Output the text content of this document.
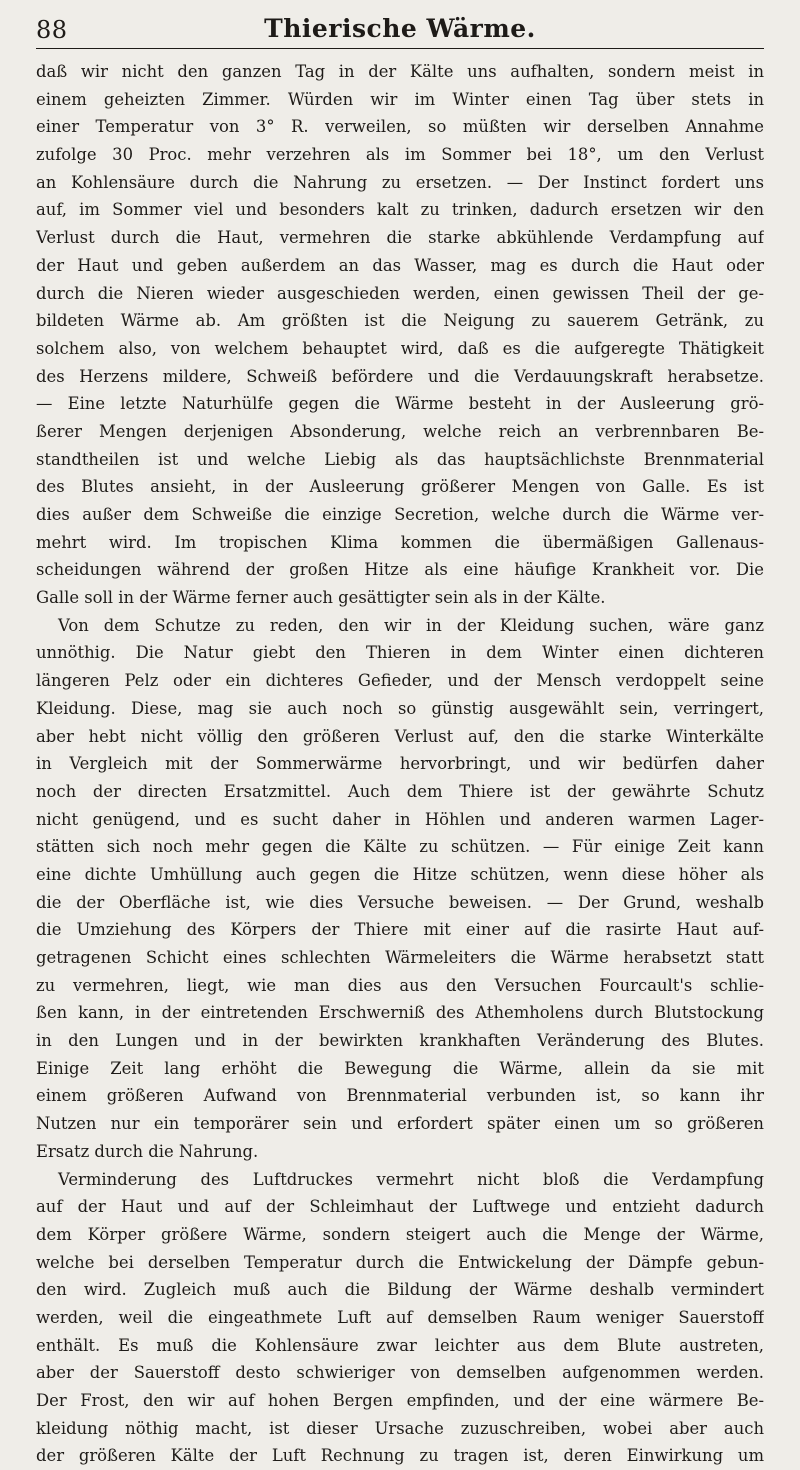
88	Thierische Wärme.
daß wir nicht den ganzen Tag in der Kälte uns aufhalten, sondern meist in
einem geheizten Zimmer. Würden wir im Winter einen Tag über stets in
einer Temperatur von 3° R. verweilen, so müßten wir derselben Annahme
zufolge 30 Proc. mehr verzehren als im Sommer bei 18°, um den Verlust
an Kohlensäure durch die Nahrung zu ersetzen. — Der Instinct fordert uns
auf, im Sommer viel und besonders kalt zu trinken, dadurch ersetzen wir den
Verlust durch die Haut, vermehren die starke abkühlende Verdampfung auf
der Haut und geben außerdem an das Wasser, mag es durch die Haut oder
durch die Nieren wieder ausgeschieden werden, einen gewissen Theil der ge-
bildeten Wärme ab. Am größten ist die Neigung zu sauerem Getränk, zu
solchem also, von welchem behauptet wird, daß es die aufgeregte Thätigkeit
des Herzens mildere, Schweiß befördere und die Verdauungskraft herabsetze.
— Eine letzte Naturhülfe gegen die Wärme besteht in der Ausleerung grö-
ßerer Mengen derjenigen Absonderung, welche reich an verbrennbaren Be-
standtheilen ist und welche Liebig als das hauptsächlichste Brennmaterial
des Blutes ansieht, in der Ausleerung größerer Mengen von Galle. Es ist
dies außer dem Schweiße die einzige Secretion, welche durch die Wärme ver-
mehrt wird. Im tropischen Klima kommen die übermäßigen Gallenaus-
scheidungen während der großen Hitze als eine häufige Krankheit vor. Die
Galle soll in der Wärme ferner auch gesättigter sein als in der Kälte.
Von dem Schutze zu reden, den wir in der Kleidung suchen, wäre ganz
unnöthig. Die Natur giebt den Thieren in dem Winter einen dichteren
längeren Pelz oder ein dichteres Gefieder, und der Mensch verdoppelt seine
Kleidung. Diese, mag sie auch noch so günstig ausgewählt sein, verringert,
aber hebt nicht völlig den größeren Verlust auf, den die starke Winterkälte
in Vergleich mit der Sommerwärme hervorbringt, und wir bedürfen daher
noch der directen Ersatzmittel. Auch dem Thiere ist der gewährte Schutz
nicht genügend, und es sucht daher in Höhlen und anderen warmen Lager-
stätten sich noch mehr gegen die Kälte zu schützen. — Für einige Zeit kann
eine dichte Umhüllung auch gegen die Hitze schützen, wenn diese höher als
die der Oberfläche ist, wie dies Versuche beweisen. — Der Grund, weshalb
die Umziehung des Körpers der Thiere mit einer auf die rasirte Haut auf-
getragenen Schicht eines schlechten Wärmeleiters die Wärme herabsetzt statt
zu vermehren, liegt, wie man dies aus den Versuchen Fourcault's schlie-
ßen kann, in der eintretenden Erschwerniß des Athemholens durch Blutstockung
in den Lungen und in der bewirkten krankhaften Veränderung des Blutes.
Einige Zeit lang erhöht die Bewegung die Wärme, allein da sie mit
einem größeren Aufwand von Brennmaterial verbunden ist, so kann ihr
Nutzen nur ein temporärer sein und erfordert später einen um so größeren
Ersatz durch die Nahrung.
Verminderung des Luftdruckes vermehrt nicht bloß die Verdampfung
auf der Haut und auf der Schleimhaut der Luftwege und entzieht dadurch
dem Körper größere Wärme, sondern steigert auch die Menge der Wärme,
welche bei derselben Temperatur durch die Entwickelung der Dämpfe gebun-
den wird. Zugleich muß auch die Bildung der Wärme deshalb vermindert
werden, weil die eingeathmete Luft auf demselben Raum weniger Sauerstoff
enthält. Es muß die Kohlensäure zwar leichter aus dem Blute austreten,
aber der Sauerstoff desto schwieriger von demselben aufgenommen werden.
Der Frost, den wir auf hohen Bergen empfinden, und der eine wärmere Be-
kleidung nöthig macht, ist dieser Ursache zuzuschreiben, wobei aber auch
der größeren Kälte der Luft Rechnung zu tragen ist, deren Einwirkung um
